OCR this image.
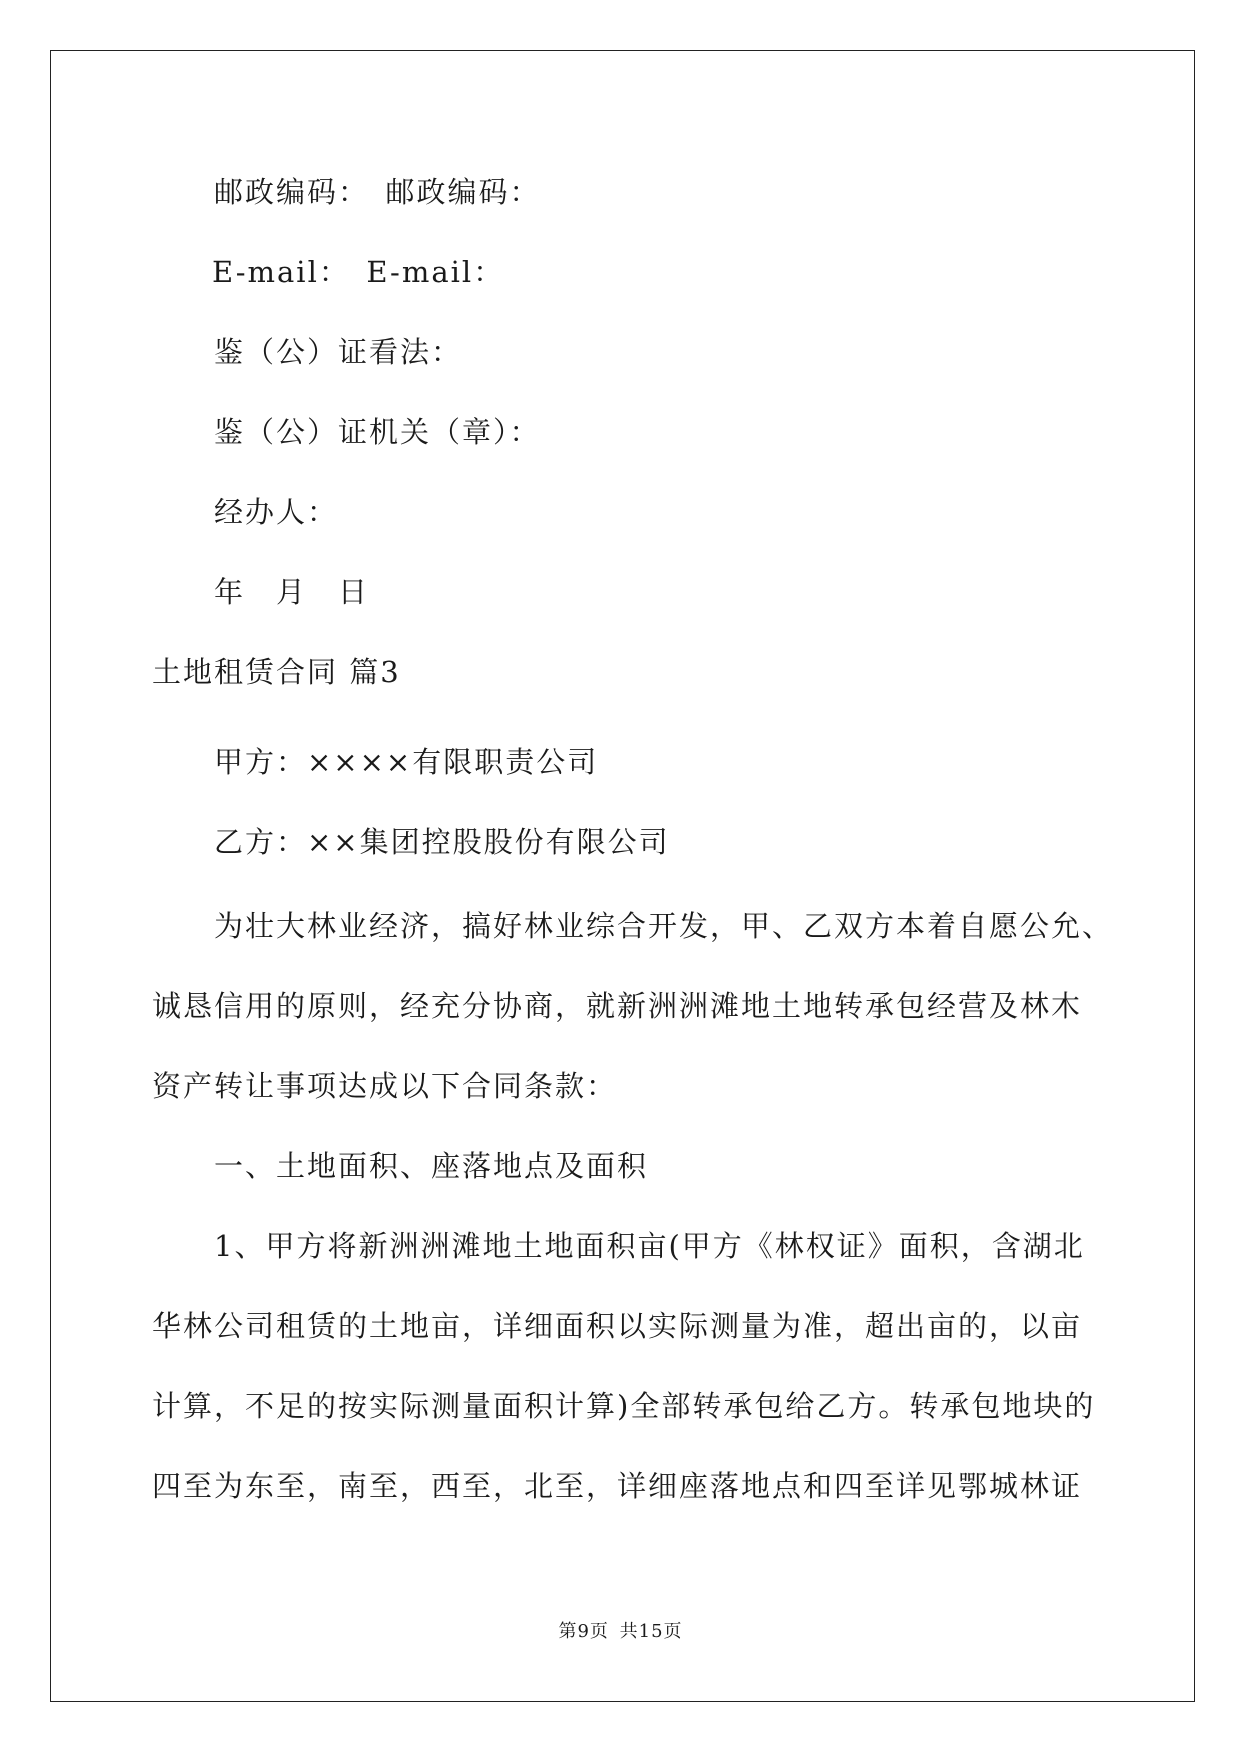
邮政编码：　邮政编码：
E-mail：　E-mail：
鉴（公）证看法：
鉴（公）证机关（章）：
经办人：
年　月　日
土地租赁合同 篇3
甲方：××××有限职责公司
乙方：××集团控股股份有限公司
为壮大林业经济，搞好林业综合开发，甲、乙双方本着自愿公允、
诚恳信用的原则，经充分协商，就新洲洲滩地土地转承包经营及林木
资产转让事项达成以下合同条款：
一、土地面积、座落地点及面积
1、甲方将新洲洲滩地土地面积亩(甲方《林权证》面积，含湖北
华林公司租赁的土地亩，详细面积以实际测量为准，超出亩的，以亩
计算，不足的按实际测量面积计算)全部转承包给乙方。转承包地块的
四至为东至，南至，西至，北至，详细座落地点和四至详见鄂城林证
第9页 共15页
